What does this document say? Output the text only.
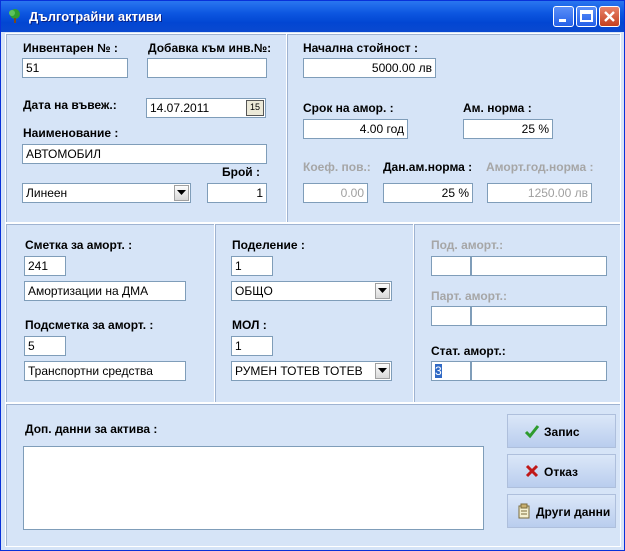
Дълготрайни активи
Инвентарен № :
51
Добавка към инв.№:
Дата на въвеж.:	14.07.2011	15
Наименование :
АВТОМОБИЛ
Брой :
Линеен	1
Начална стойност :
5000.00 лв
Срок на амор. :
4.00 год
Ам. норма :
25 %
Коеф. пов.:
0.00
Дан.ам.норма :
25 %
Аморт.год.норма :
1250.00 лв
Сметка за аморт. :
241
Амортизации на ДМА
Подсметка за аморт. :
5
Транспортни средства
Поделение :
1
ОБЩО
МОЛ :
1
РУМЕН ТОТЕВ ТОТЕВ
Под. аморт.:
Парт. аморт.:
Стат. аморт.:
3
Доп. данни за актива :	Запис
Отказ
Други данни
